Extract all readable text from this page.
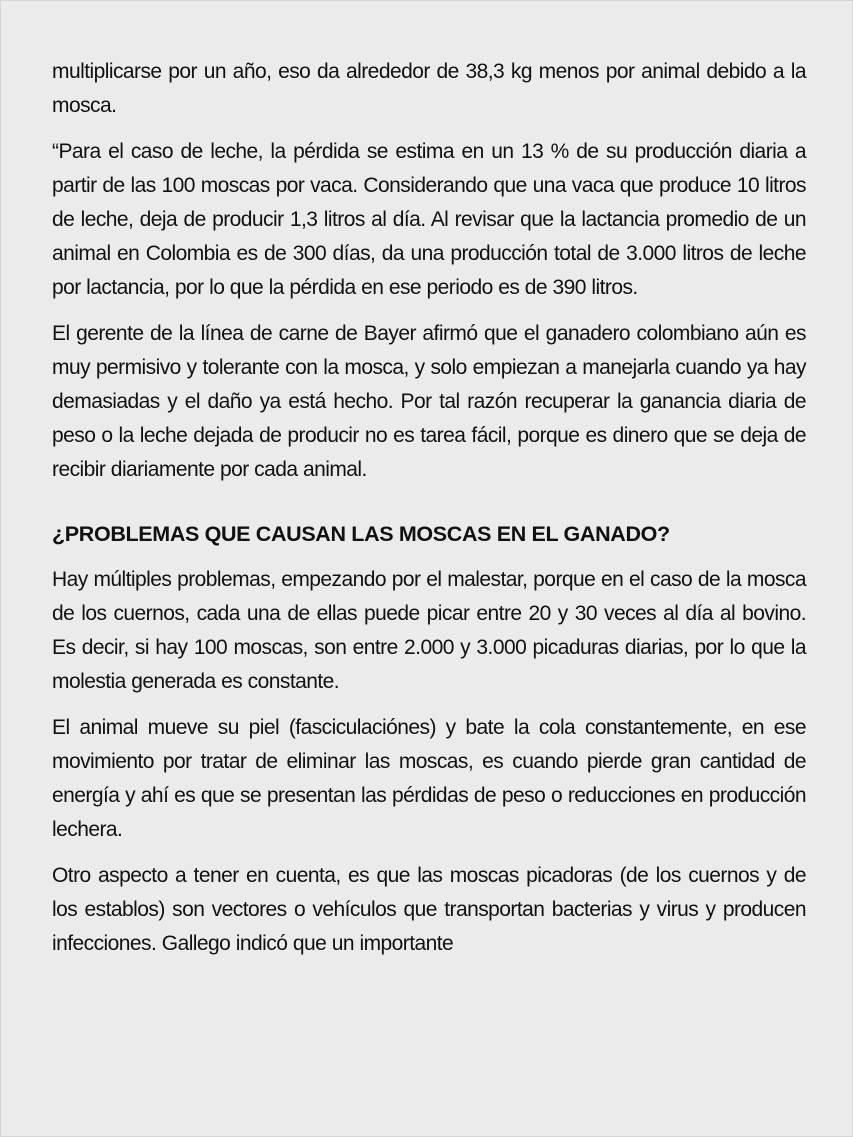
multiplicarse por un año, eso da alrededor de 38,3 kg menos por animal debido a la mosca.

“Para el caso de leche, la pérdida se estima en un 13 % de su producción diaria a partir de las 100 moscas por vaca. Considerando que una vaca que produce 10 litros de leche, deja de producir 1,3 litros al día. Al revisar que la lactancia promedio de un animal en Colombia es de 300 días, da una producción total de 3.000 litros de leche por lactancia, por lo que la pérdida en ese periodo es de 390 litros.

El gerente de la línea de carne de Bayer afirmó que el ganadero colombiano aún es muy permisivo y tolerante con la mosca, y solo empiezan a manejarla cuando ya hay demasiadas y el daño ya está hecho. Por tal razón recuperar la ganancia diaria de peso o la leche dejada de producir no es tarea fácil, porque es dinero que se deja de recibir diariamente por cada animal.

¿PROBLEMAS QUE CAUSAN LAS MOSCAS EN EL GANADO?

Hay múltiples problemas, empezando por el malestar, porque en el caso de la mosca de los cuernos, cada una de ellas puede picar entre 20 y 30 veces al día al bovino. Es decir, si hay 100 moscas, son entre 2.000 y 3.000 picaduras diarias, por lo que la molestia generada es constante.

El animal mueve su piel (fasciculaciónes) y bate la cola constantemente, en ese movimiento por tratar de eliminar las moscas, es cuando pierde gran cantidad de energía y ahí es que se presentan las pérdidas de peso o reducciones en producción lechera.

Otro aspecto a tener en cuenta, es que las moscas picadoras (de los cuernos y de los establos) son vectores o vehículos que transportan bacterias y virus y producen infecciones. Gallego indicó que un importante
